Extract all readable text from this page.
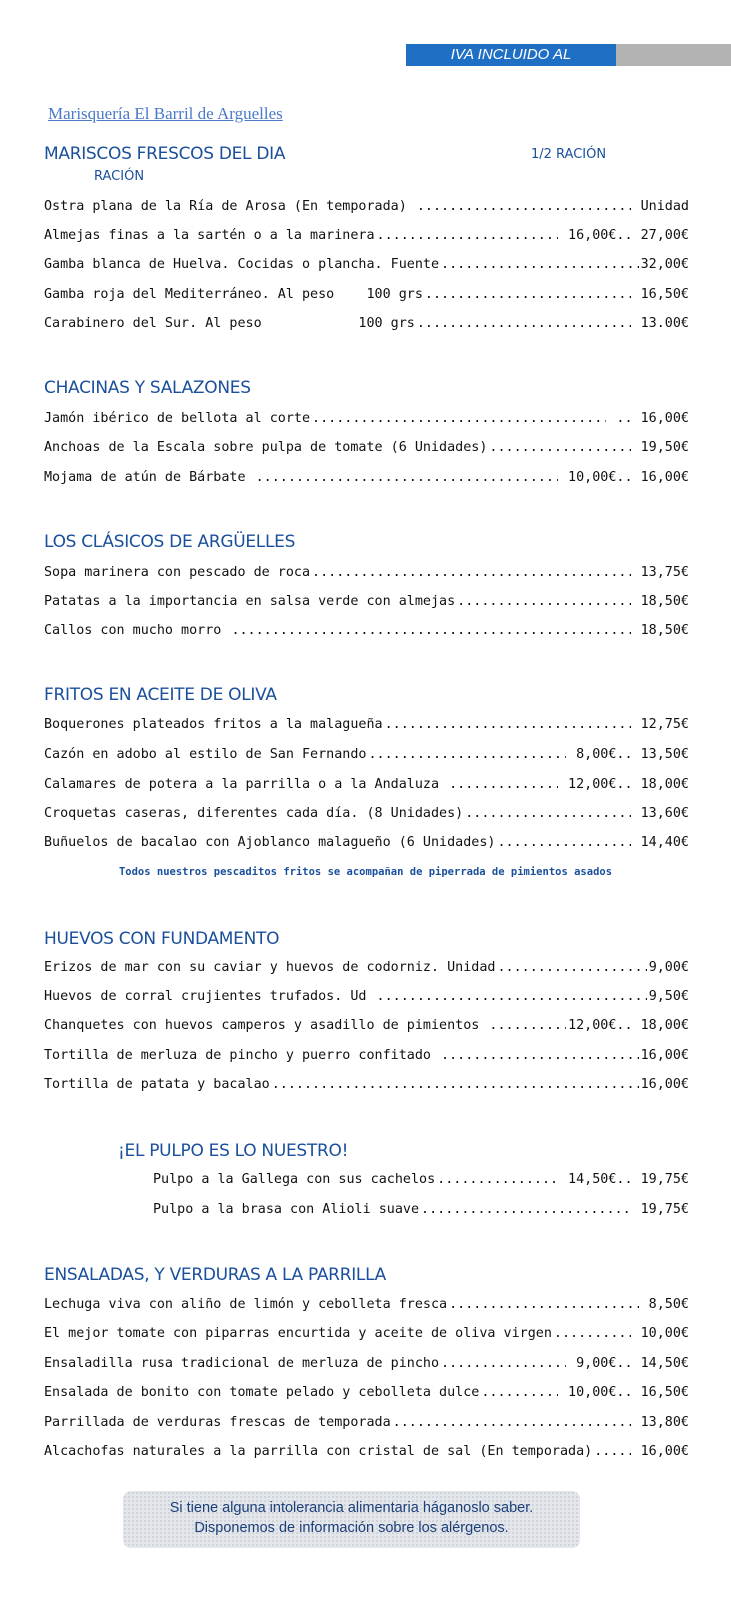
IVA INCLUIDO AL
Marisquería El Barril de Arguelles
MARISCOS FRESCOS DEL DIA	1/2 RACIÓN
RACIÓN
Ostra plana de la Ría de Arosa (En temporada) .....	Unidad
Almejas finas a la sartén o a la marinera .....	16,00€.. 27,00€
Gamba blanca de Huelva. Cocidas o plancha. Fuente .....	32,00€
Gamba roja del Mediterráneo. Al peso    100 grs .....	16,50€
Carabinero del Sur. Al peso            100 grs .....	13.00€
CHACINAS Y SALAZONES
Jamón ibérico de bellota al corte .....	.. 16,00€
Anchoas de la Escala sobre pulpa de tomate (6 Unidades) .....	19,50€
Mojama de atún de Bárbate .....	10,00€.. 16,00€
LOS CLÁSICOS DE ARGÜELLES
Sopa marinera con pescado de roca .....	13,75€
Patatas a la importancia en salsa verde con almejas .....	18,50€
Callos con mucho morro .....	18,50€
FRITOS EN ACEITE DE OLIVA
Boquerones plateados fritos a la malagueña .....	12,75€
Cazón en adobo al estilo de San Fernando .....	8,00€.. 13,50€
Calamares de potera a la parrilla o a la Andaluza .....	12,00€.. 18,00€
Croquetas caseras, diferentes cada día. (8 Unidades) .....	13,60€
Buñuelos de bacalao con Ajoblanco malagueño (6 Unidades) .....	14,40€
Todos nuestros pescaditos fritos se acompañan de piperrada de pimientos asados
HUEVOS CON FUNDAMENTO
Erizos de mar con su caviar y huevos de codorniz. Unidad .....	9,00€
Huevos de corral crujientes trufados. Ud .....	9,50€
Chanquetes con huevos camperos y asadillo de pimientos .....	12,00€.. 18,00€
Tortilla de merluza de pincho y puerro confitado .....	16,00€
Tortilla de patata y bacalao .....	16,00€
¡EL PULPO ES LO NUESTRO!
Pulpo a la Gallega con sus cachelos .....	14,50€.. 19,75€
Pulpo a la brasa con Alioli suave .....	19,75€
ENSALADAS, Y VERDURAS A LA PARRILLA
Lechuga viva con aliño de limón y cebolleta fresca .....	8,50€
El mejor tomate con piparras encurtida y aceite de oliva virgen .....	10,00€
Ensaladilla rusa tradicional de merluza de pincho .....	9,00€.. 14,50€
Ensalada de bonito con tomate pelado y cebolleta dulce .....	10,00€.. 16,50€
Parrillada de verduras frescas de temporada .....	13,80€
Alcachofas naturales a la parrilla con cristal de sal (En temporada) .....	16,00€
Si tiene alguna intolerancia alimentaria háganoslo saber.
Disponemos de información sobre los alérgenos.
